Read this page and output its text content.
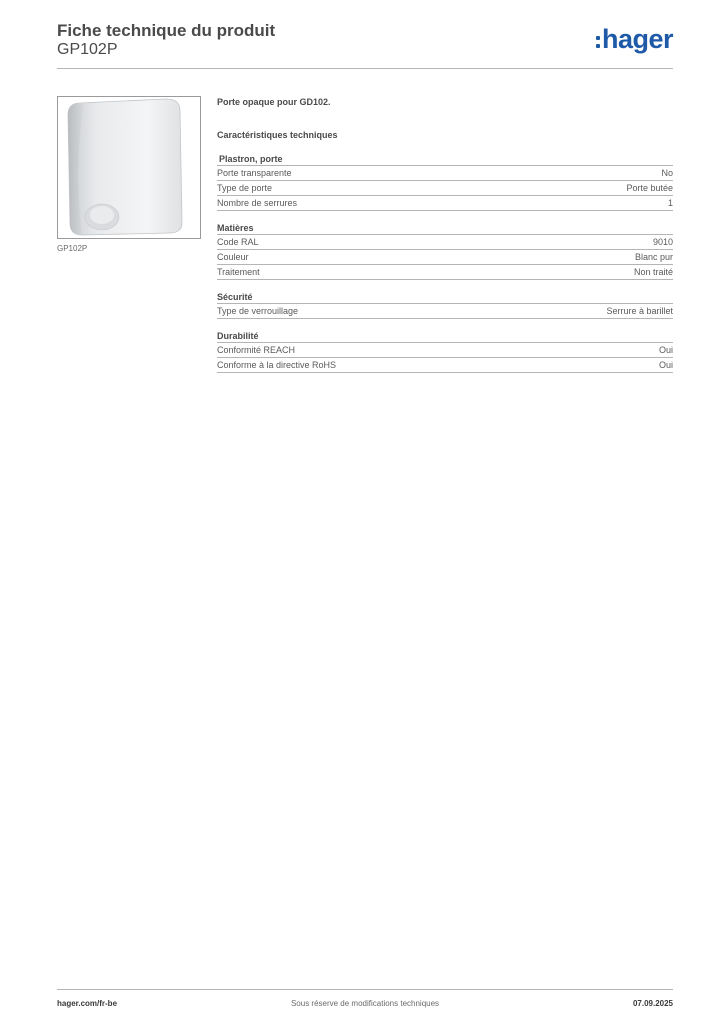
Fiche technique du produit
GP102P	hager
GP102P
Porte opaque pour GD102.
Caractéristiques techniques
Plastron, porte
Porte transparente	No
Type de porte	Porte butée
Nombre de serrures	1
Matières
Code RAL	9010
Couleur	Blanc pur
Traitement	Non traité
Sécurité
Type de verrouillage	Serrure à barillet
Durabilité
Conformité REACH	Oui
Conforme à la directive RoHS	Oui
hager.com/fr-be	Sous réserve de modifications techniques	07.09.2025
